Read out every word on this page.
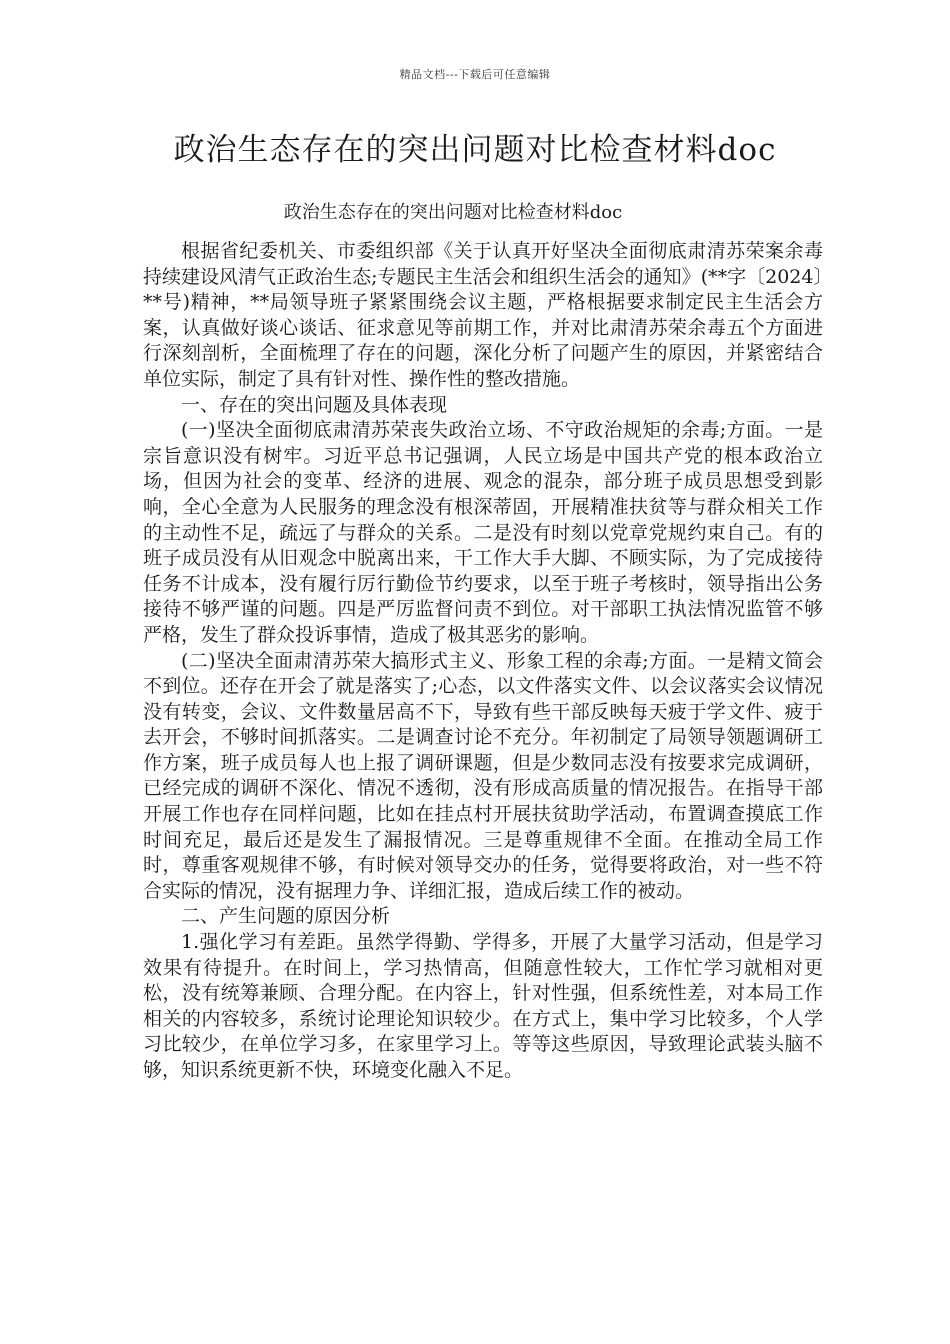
精品文档---下载后可任意编辑
政治生态存在的突出问题对比检查材料doc
政治生态存在的突出问题对比检查材料doc

根据省纪委机关、市委组织部《关于认真开好坚决全面彻底肃清苏荣案余毒持续建设风清气正政治生态;专题民主生活会和组织生活会的通知》(**字〔2024〕**号)精神，**局领导班子紧紧围绕会议主题，严格根据要求制定民主生活会方案，认真做好谈心谈话、征求意见等前期工作，并对比肃清苏荣余毒五个方面进行深刻剖析，全面梳理了存在的问题，深化分析了问题产生的原因，并紧密结合单位实际，制定了具有针对性、操作性的整改措施。

一、存在的突出问题及具体表现

(一)坚决全面彻底肃清苏荣丧失政治立场、不守政治规矩的余毒;方面。一是宗旨意识没有树牢。习近平总书记强调，人民立场是中国共产党的根本政治立场，但因为社会的变革、经济的进展、观念的混杂，部分班子成员思想受到影响，全心全意为人民服务的理念没有根深蒂固，开展精准扶贫等与群众相关工作的主动性不足，疏远了与群众的关系。二是没有时刻以党章党规约束自己。有的班子成员没有从旧观念中脱离出来，干工作大手大脚、不顾实际，为了完成接待任务不计成本，没有履行厉行勤俭节约要求，以至于班子考核时，领导指出公务接待不够严谨的问题。四是严厉监督问责不到位。对干部职工执法情况监管不够严格，发生了群众投诉事情，造成了极其恶劣的影响。

(二)坚决全面肃清苏荣大搞形式主义、形象工程的余毒;方面。一是精文简会不到位。还存在开会了就是落实了;心态，以文件落实文件、以会议落实会议情况没有转变，会议、文件数量居高不下，导致有些干部反映每天疲于学文件、疲于去开会，不够时间抓落实。二是调查讨论不充分。年初制定了局领导领题调研工作方案，班子成员每人也上报了调研课题，但是少数同志没有按要求完成调研，已经完成的调研不深化、情况不透彻，没有形成高质量的情况报告。在指导干部开展工作也存在同样问题，比如在挂点村开展扶贫助学活动，布置调查摸底工作时间充足，最后还是发生了漏报情况。三是尊重规律不全面。在推动全局工作时，尊重客观规律不够，有时候对领导交办的任务，觉得要将政治，对一些不符合实际的情况，没有据理力争、详细汇报，造成后续工作的被动。

二、产生问题的原因分析

1.强化学习有差距。虽然学得勤、学得多，开展了大量学习活动，但是学习效果有待提升。在时间上，学习热情高，但随意性较大，工作忙学习就相对更松，没有统筹兼顾、合理分配。在内容上，针对性强，但系统性差，对本局工作相关的内容较多，系统讨论理论知识较少。在方式上，集中学习比较多，个人学习比较少，在单位学习多，在家里学习上。等等这些原因，导致理论武装头脑不够，知识系统更新不快，环境变化融入不足。
